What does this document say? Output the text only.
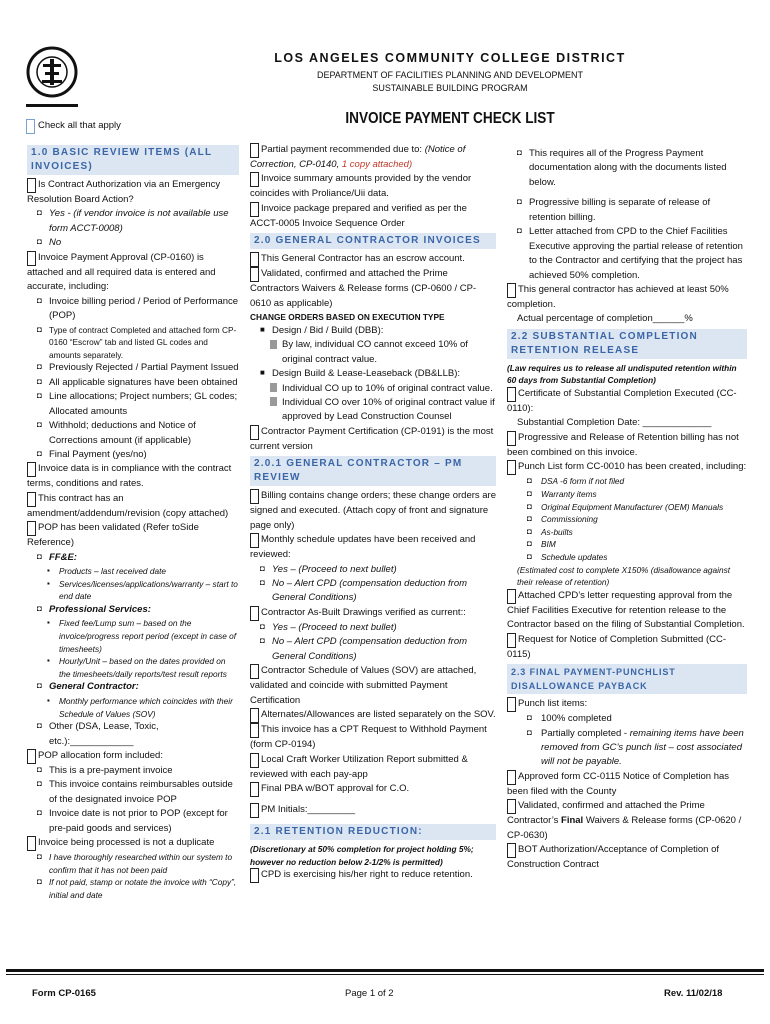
LOS ANGELES COMMUNITY COLLEGE DISTRICT
DEPARTMENT OF FACILITIES PLANNING AND DEVELOPMENT
SUSTAINABLE BUILDING PROGRAM
INVOICE PAYMENT CHECK LIST
Check all that apply
1.0 BASIC REVIEW ITEMS (ALL INVOICES)
Is Contract Authorization via an Emergency Resolution Board Action?
◘ Yes - (if vendor invoice is not available use form ACCT-0008)
◘ No
Invoice Payment Approval (CP-0160) is attached and all required data is entered and accurate, including:
◘ Invoice billing period / Period of Performance (POP)
◘ Type of contract Completed and attached form CP-0160 “Escrow” tab and listed GL codes and amounts separately.
◘ Previously Rejected / Partial Payment Issued
◘ All applicable signatures have been obtained
◘ Line allocations; Project numbers; GL codes; Allocated amounts
◘ Withhold; deductions and Notice of Corrections amount (if applicable)
◘ Final Payment (yes/no)
Invoice data is in compliance with the contract terms, conditions and rates.
This contract has an amendment/addendum/revision (copy attached)
POP has been validated (Refer toSide Reference)
◘ FF&E:
▪ Products – last received date
▪ Services/licenses/applications/warranty – start to end date
◘ Professional Services:
▪ Fixed fee/Lump sum – based on the invoice/progress report period (except in case of timesheets)
▪ Hourly/Unit – based on the dates provided on the timesheets/daily reports/test result reports
◘ General Contractor:
▪ Monthly performance which coincides with their Schedule of Values (SOV)
◘ Other (DSA, Lease, Toxic, etc.):____________
POP allocation form included:
◘ This is a pre-payment invoice
◘ This invoice contains reimbursables outside of the designated invoice POP
◘ Invoice date is not prior to POP (except for pre-paid goods and services)
Invoice being processed is not a duplicate
◘ I have thoroughly researched within our system to confirm that it has not been paid
◘ If not paid, stamp or notate the invoice with “Copy”, initial and date
Partial payment recommended due to: (Notice of Correction, CP-0140, 1 copy attached)
Invoice summary amounts provided by the vendor coincides with Proliance/Uii data.
Invoice package prepared and verified as per the ACCT-0005 Invoice Sequence Order
2.0 GENERAL CONTRACTOR INVOICES
This General Contractor has an escrow account.
Validated, confirmed and attached the Prime Contractors Waivers & Release forms (CP-0600 / CP-0610 as applicable)
CHANGE ORDERS BASED ON EXECUTION TYPE
■ Design / Bid / Build (DBB):
By law, individual CO cannot exceed 10% of original contract value.
■ Design Build & Lease-Leaseback (DB&LLB):
Individual CO up to 10% of original contract value.
Individual CO over 10% of original contract value if approved by Lead Construction Counsel
Contractor Payment Certification (CP-0191) is the most current version
2.0.1 GENERAL CONTRACTOR – PM REVIEW
Billing contains change orders; these change orders are signed and executed. (Attach copy of front and signature page only)
Monthly schedule updates have been received and reviewed:
◘ Yes – (Proceed to next bullet)
◘ No – Alert CPD (compensation deduction from General Conditions)
Contractor As-Built Drawings verified as current::
◘ Yes – (Proceed to next bullet)
◘ No – Alert CPD (compensation deduction from General Conditions)
Contractor Schedule of Values (SOV) are attached, validated and coincide with submitted Payment Certification
Alternates/Allowances are listed separately on the SOV.
This invoice has a CPT Request to Withhold Payment (form CP-0194)
Local Craft Worker Utilization Report submitted & reviewed with each pay-app
Final PBA w/BOT approval for C.O.
PM Initials:_________
2.1 RETENTION REDUCTION:
(Discretionary at 50% completion for project holding 5%; however no reduction below 2-1/2% is permitted)
CPD is exercising his/her right to reduce retention.
◘ This requires all of the Progress Payment documentation along with the documents listed below.
◘ Progressive billing is separate of release of retention billing.
◘ Letter attached from CPD to the Chief Facilities Executive approving the partial release of retention to the Contractor and certifying that the project has achieved 50% completion.
This general contractor has achieved at least 50% completion.
Actual percentage of completion______%
2.2 SUBSTANTIAL COMPLETION RETENTION RELEASE
(Law requires us to release all undisputed retention within 60 days from Substantial Completion)
Certificate of Substantial Completion Executed (CC-0110):
Substantial Completion Date: _____________
Progressive and Release of Retention billing has not been combined on this invoice.
Punch List form CC-0010 has been created, including:
◘ DSA -6 form if not filed
◘ Warranty items
◘ Original Equipment Manufacturer (OEM) Manuals
◘ Commissioning
◘ As-builts
◘ BIM
◘ Schedule updates
(Estimated cost to complete X150% (disallowance against their release of retention)
Attached CPD’s letter requesting approval from the Chief Facilities Executive for retention release to the Contractor based on the filing of Substantial Completion.
Request for Notice of Completion Submitted (CC-0115)
2.3 FINAL PAYMENT-PUNCHLIST DISALLOWANCE PAYBACK
Punch list items:
◘ 100% completed
◘ Partially completed - remaining items have been removed from GC’s punch list – cost associated will not be payable.
Approved form CC-0115 Notice of Completion has been filed with the County
Validated, confirmed and attached the Prime Contractor’s Final Waivers & Release forms (CP-0620 / CP-0630)
BOT Authorization/Acceptance of Completion of Construction Contract
Form CP-0165	Page 1 of 2	Rev. 11/02/18
